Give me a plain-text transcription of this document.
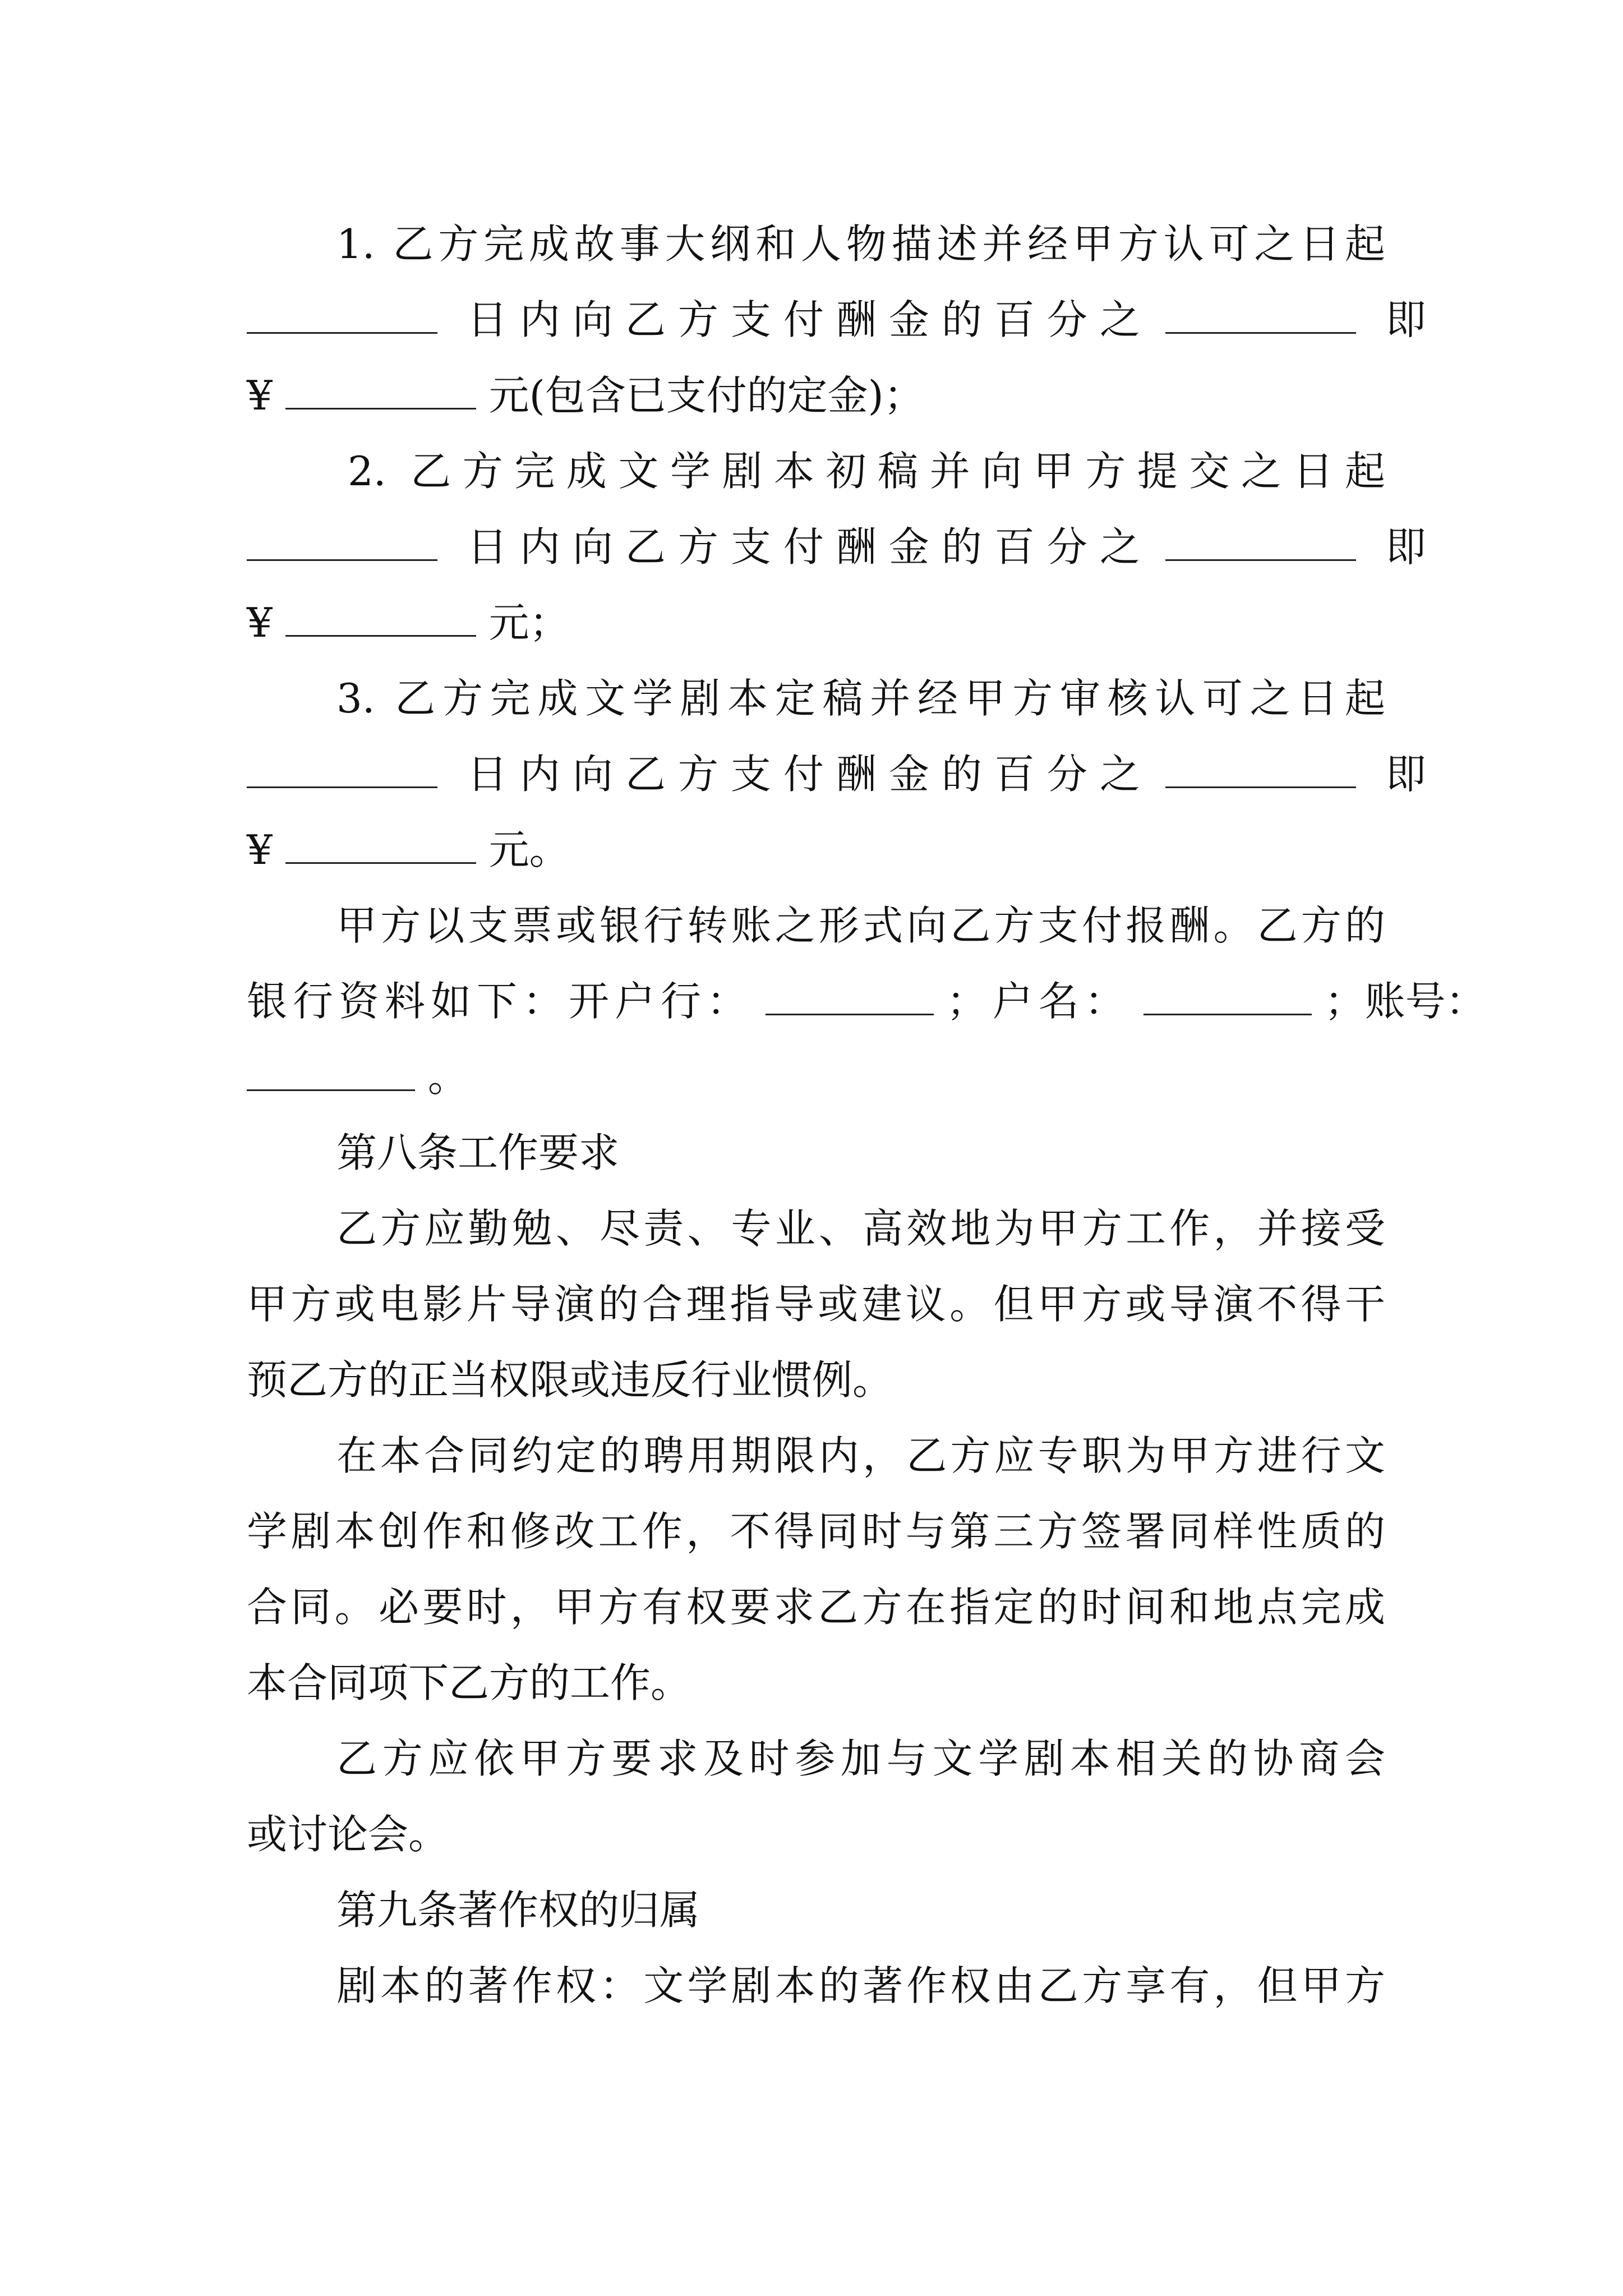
1. 乙方完成故事大纲和人物描述并经甲方认可之日起
日内向乙方支付酬金的百分之	即
¥	元(包含已支付的定金)；
2. 乙方完成文学剧本初稿并向甲方提交之日起
日内向乙方支付酬金的百分之	即
¥	元；
3. 乙方完成文学剧本定稿并经甲方审核认可之日起
日内向乙方支付酬金的百分之	即
¥	元。
甲方以支票或银行转账之形式向乙方支付报酬。乙方的
银行资料如下：开户行：	；户名：	；账号：
。
第八条工作要求
乙方应勤勉、尽责、专业、高效地为甲方工作，并接受
甲方或电影片导演的合理指导或建议。但甲方或导演不得干
预乙方的正当权限或违反行业惯例。
在本合同约定的聘用期限内，乙方应专职为甲方进行文
学剧本创作和修改工作，不得同时与第三方签署同样性质的
合同。必要时，甲方有权要求乙方在指定的时间和地点完成
本合同项下乙方的工作。
乙方应依甲方要求及时参加与文学剧本相关的协商会
或讨论会。
第九条著作权的归属
剧本的著作权：文学剧本的著作权由乙方享有，但甲方
